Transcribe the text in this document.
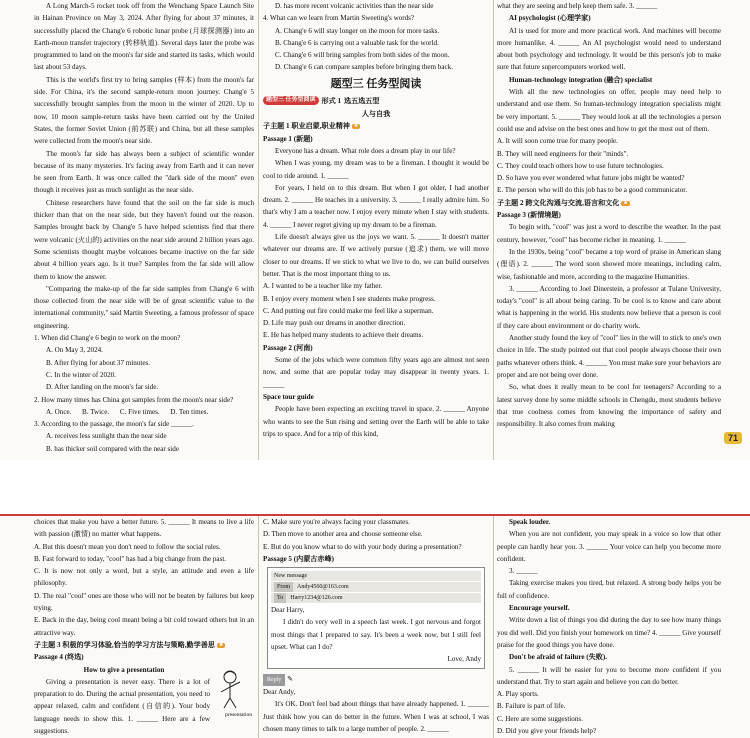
A Long March-5 rocket took off from the Wenchang Space Launch Site in Hainan Province on May 3, 2024. After flying for about 37 minutes, it successfully placed the Chang'e 6 robotic lunar probe (月球探测器) into an Earth-moon transfer trajectory (转移轨道). Several days later the probe was programmed to land on the moon's far side and started its tasks, which would last about 53 days.

This is the world's first try to bring samples (样本) from the moon's far side. For China, it's the second sample-return moon journey. Chang'e 5 successfully brought samples from the moon in the winter of 2020. Up to now, 10 moon sample-return tasks have been carried out by the United States, the former Soviet Union (前苏联) and China, but all these samples were collected from the moon's near side.

The moon's far side has always been a subject of scientific wonder because of its many mysteries. It's facing away from Earth and it can never be seen from Earth. It was once called the "dark side of the moon" even though it receives just as much sunlight as the near side.

Chinese researchers have found that the soil on the far side is much thicker than that on the near side, but they haven't found out the reason. Samples brought back by Chang'e 5 have helped scientists find that there were volcanic (火山的) activities on the near side around 2 billion years ago. Some scientists thought maybe volcanoes became inactive on the far side about 4 billion years ago. Is it true? Samples from the far side will allow them to know the answer.

"Comparing the make-up of the far side samples from Chang'e 6 with those collected from the near side will be of great scientific value to the international community," said Martin Sweeting, a famous professor of space engineering.

1. When did Chang'e 6 begin to work on the moon?

A. On May 3, 2024.

B. After flying for about 37 minutes.

C. In the winter of 2020.

D. After landing on the moon's far side.

2. How many times has China got samples from the moon's near side?

A. Once.      B. Twice.      C. Five times.      D. Ten times.

3. According to the passage, the moon's far side ______.

A. receives less sunlight than the near side

B. has thicker soil compared with the near side

D. has more recent volcanic activities than the near side

4. What can we learn from Martin Sweeting's words?

A. Chang'e 6 will stay longer on the moon for more tasks.

B. Chang'e 6 is carrying out a valuable task for the world.

C. Chang'e 6 will bring samples from both sides of the moon.

D. Chang'e 6 can compare samples before bringing them back.

题型三 任务型阅读
题型三 任务型阅读 形式 1 选五选五型

人与自我

子主题 1 职业启蒙,职业精神 ★

Passage 1 (新题)

Everyone has a dream. What role does a dream play in our life?

When I was young, my dream was to be a fireman. I thought it would be cool to ride around. 1. ______

For years, I held on to this dream. But when I got older, I had another dream. 2. ______ He teaches in a university. 3. ______ I really admire him. So that's why I am a teacher now. I enjoy every minute when I stay with students. 4. ______ I never regret giving up my dream to be a fireman.

Life doesn't always give us the joys we want. 5. ______ It doesn't matter whatever our dreams are. If we actively pursue (追求) them, we will move closer to our dreams. If we stick to what we live to do, we can build ourselves better. That is the most important thing to us.

A. I wanted to be a teacher like my father.

B. I enjoy every moment when I see students make progress.

C. And putting out fire could make me feel like a superman.

D. Life may push our dreams in another direction.

E. He has helped many students to achieve their dreams.

Passage 2 (河南)

Some of the jobs which were common fifty years ago are almost not seen now, and some that are popular today may disappear in twenty years. 1. ______

Space tour guide

People have been expecting an exciting travel in space. 2. ______ Anyone who wants to see the Sun rising and setting over the Earth will be able to take trips to space. And for a trip of this kind,

what they are seeing and help keep them safe. 3. ______

AI psychologist (心理学家)

AI is used for more and more practical work. And machines will become more humanlike. 4. ______ An AI psychologist would need to understand about both psychology and technology. It would be this person's job to make sure that future supercomputers worked well.

Human-technology integration (融合) specialist

With all the new technologies on offer, people may need help to understand and use them. So human-technology integration specialists might be very important. 5. ______ They would look at all the technologies a person could use and advise on the best ones and how to get the most out of them.

A. It will soon come true for many people.

B. They will need engineers for their "minds".

C. They could teach others how to use future technologies.

D. So have you ever wondered what future jobs might be wanted?

E. The person who will do this job has to be a good communicator.

子主题 2 跨文化沟通与交流,语言和文化 ★

Passage 3 (新情境题)

To begin with, "cool" was just a word to describe the weather. In the past century, however, "cool" has become richer in meaning. 1. ______

In the 1930s, being "cool" became a top word of praise in American slang (俚语). 2. ______ The word soon showed more meanings, including calm, wise, fashionable and more, according to the magazine Humanities.

3. ______ According to Joel Dinerstein, a professor at Tulane University, today's "cool" is all about being caring. To be cool is to know and care about what is happening in the world. His students now believe that a person is cool if they care about environment or do charity work.

Another study found the key of "cool" lies in the will to stick to one's own choice in life. The study pointed out that cool people always choose their own paths whatever others think. 4. ______ You must make sure your behaviors are proper and are not being over done.

So, what does it really mean to be cool for teenagers? According to a latest survey done by some middle schools in Chengdu, most students believe that true coolness comes from knowing the importance of safety and responsibility. It also comes from making

71

choices that make you have a better future. 5. ______ It means to live a life with passion (激情) no matter what happens.

A. But this doesn't mean you don't need to follow the social rules.

B. Fast forward to today, "cool" has had a big change from the past.

C. It is now not only a word, but a style, an attitude and even a life philosophy.

D. The real "cool" ones are those who will not be beaten by failures but keep trying.

E. Back in the day, being cool meant being a bit cold toward others but in an attractive way.

子主题 3 积极的学习体验,恰当的学习方法与策略,勤学善思 ★

Passage 4 (终选)

How to give a presentation

Giving a presentation is never easy. There is a lot of preparation to do. During the actual presentation, you need to appear relaxed, calm and confident (自信的). Your body language needs to show this. 1. ______ Here are a few suggestions.

presentation

C. Make sure you're always facing your classmates.

D. Then move to another area and choose someone else.

E. But do you know what to do with your body during a presentation?

Passage 5 (内蒙古赤峰)

New message
From	Andy4560@163.com
To	Harry1234@126.com

Dear Harry,

I didn't do very well in a speech last week. I got nervous and forgot most things that I prepared to say. It's been a week now, but I still feel upset. What can I do?

Love, Andy

Reply ✎

Dear Andy,

It's OK. Don't feel bad about things that have already happened. 1. ______ Just think how you can do better in the future. When I was at school, I was chosen many times to talk to a large number of people. 2. ______

Speak louder.

When you are not confident, you may speak in a voice so low that other people can hardly hear you. 3. ______ Your voice can help you become more confident.

3. ______

Taking exercise makes you tired, but relaxed. A strong body helps you be full of confidence.

Encourage yourself.

Write down a list of things you did during the day to see how many things you did well. Did you finish your homework on time? 4. ______ Give yourself praise for the good things you have done.

Don't be afraid of failure (失败).

5. ______ It will be easier for you to become more confident if you understand that. Try to start again and believe you can do better.

A. Play sports.

B. Failure is part of life.

C. Here are some suggestions.

D. Did you give your friends help?
